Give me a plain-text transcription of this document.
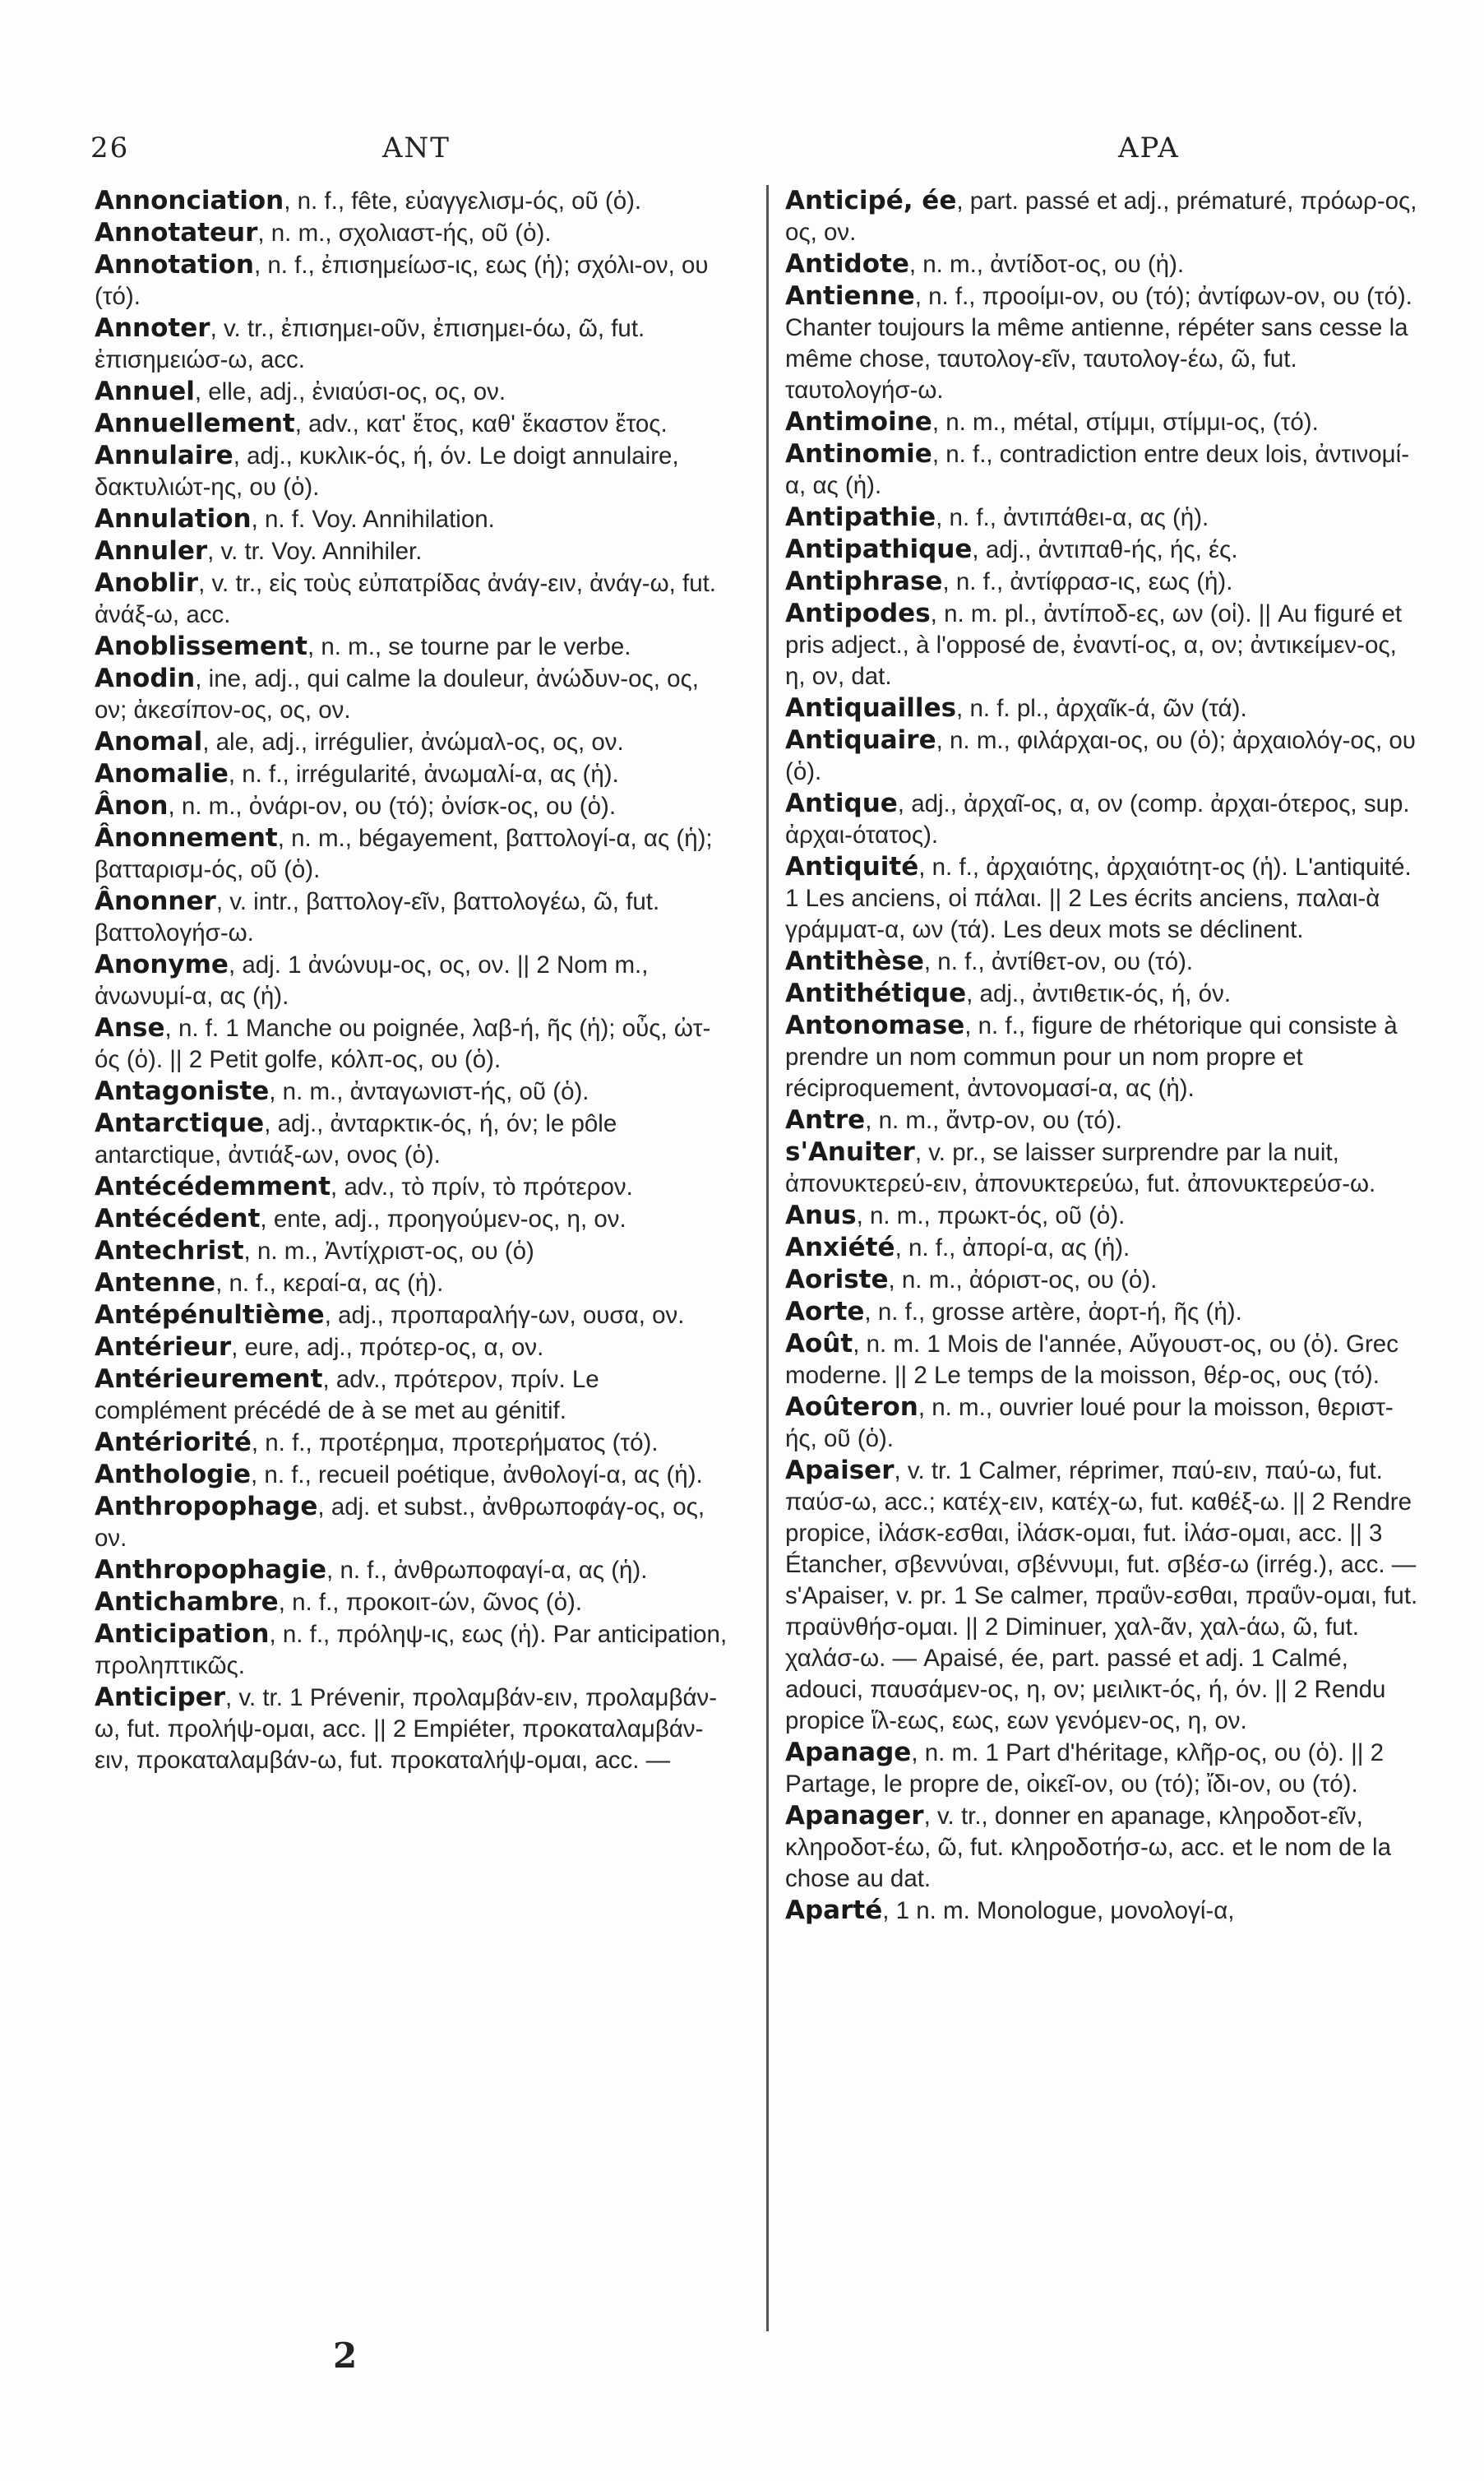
26	ANT	APA

Annonciation, n. f., fête, εὐαγγελισμ-ός, οῦ (ὁ).

Annotateur, n. m., σχολιαστ-ής, οῦ (ὁ).

Annotation, n. f., ἐπισημείωσ-ις, εως (ἡ); σχόλι-ον, ου (τό).

Annoter, v. tr., ἐπισημει-οῦν, ἐπισημει-όω, ῶ, fut. ἐπισημειώσ-ω, acc.

Annuel, elle, adj., ἐνιαύσι-ος, ος, ον.

Annuellement, adv., κατ' ἔτος, καθ' ἕκαστον ἔτος.

Annulaire, adj., κυκλικ-ός, ή, όν. Le doigt annulaire, δακτυλιώτ-ης, ου (ὁ).

Annulation, n. f. Voy. Annihilation.

Annuler, v. tr. Voy. Annihiler.

Anoblir, v. tr., εἰς τοὺς εὐπατρίδας ἀνάγ-ειν, ἀνάγ-ω, fut. ἀνάξ-ω, acc.

Anoblissement, n. m., se tourne par le verbe.

Anodin, ine, adj., qui calme la douleur, ἀνώδυν-ος, ος, ον; ἀκεσίπον-ος, ος, ον.

Anomal, ale, adj., irrégulier, ἀνώμαλ-ος, ος, ον.

Anomalie, n. f., irrégularité, ἀνωμαλί-α, ας (ἡ).

Ânon, n. m., ὀνάρι-ον, ου (τό); ὀνίσκ-ος, ου (ὁ).

Ânonnement, n. m., bégayement, βαττολογί-α, ας (ἡ); βατταρισμ-ός, οῦ (ὁ).

Ânonner, v. intr., βαττολογ-εῖν, βαττολογέω, ῶ, fut. βαττολογήσ-ω.

Anonyme, adj. 1 ἀνώνυμ-ος, ος, ον. || 2 Nom m., ἀνωνυμί-α, ας (ἡ).

Anse, n. f. 1 Manche ou poignée, λαβ-ή, ῆς (ἡ); οὖς, ὠτ-ός (ὁ). || 2 Petit golfe, κόλπ-ος, ου (ὁ).

Antagoniste, n. m., ἀνταγωνιστ-ής, οῦ (ὁ).

Antarctique, adj., ἀνταρκτικ-ός, ή, όν; le pôle antarctique, ἀντιάξ-ων, ονος (ὁ).

Antécédemment, adv., τὸ πρίν, τὸ πρότερον.

Antécédent, ente, adj., προηγούμεν-ος, η, ον.

Antechrist, n. m., Ἀντίχριστ-ος, ου (ὁ)

Antenne, n. f., κεραί-α, ας (ἡ).

Antépénultième, adj., προπαραλήγ-ων, ουσα, ον.

Antérieur, eure, adj., πρότερ-ος, α, ον.

Antérieurement, adv., πρότερον, πρίν. Le complément précédé de à se met au génitif.

Antériorité, n. f., προτέρημα, προτερήματος (τό).

Anthologie, n. f., recueil poétique, ἀνθολογί-α, ας (ἡ).

Anthropophage, adj. et subst., ἀνθρωποφάγ-ος, ος, ον.

Anthropophagie, n. f., ἀνθρωποφαγί-α, ας (ἡ).

Antichambre, n. f., προκοιτ-ών, ῶνος (ὁ).

Anticipation, n. f., πρόληψ-ις, εως (ἡ). Par anticipation, προληπτικῶς.

Anticiper, v. tr. 1 Prévenir, προλαμβάν-ειν, προλαμβάν-ω, fut. προλήψ-ομαι, acc. || 2 Empiéter, προκαταλαμβάν-ειν, προκαταλαμβάν-ω, fut. προκαταλήψ-ομαι, acc. —

Anticipé, ée, part. passé et adj., prématuré, πρόωρ-ος, ος, ον.

Antidote, n. m., ἀντίδοτ-ος, ου (ἡ).

Antienne, n. f., προοίμι-ον, ου (τό); ἀντίφων-ον, ου (τό). Chanter toujours la même antienne, répéter sans cesse la même chose, ταυτολογ-εῖν, ταυτολογ-έω, ῶ, fut. ταυτολογήσ-ω.

Antimoine, n. m., métal, στίμμι, στίμμι-ος, (τό).

Antinomie, n. f., contradiction entre deux lois, ἀντινομί-α, ας (ἡ).

Antipathie, n. f., ἀντιπάθει-α, ας (ἡ).

Antipathique, adj., ἀντιπαθ-ής, ής, ές.

Antiphrase, n. f., ἀντίφρασ-ις, εως (ἡ).

Antipodes, n. m. pl., ἀντίποδ-ες, ων (οἱ). || Au figuré et pris adject., à l'opposé de, ἐναντί-ος, α, ον; ἀντικείμεν-ος, η, ον, dat.

Antiquailles, n. f. pl., ἀρχαῖκ-ά, ῶν (τά).

Antiquaire, n. m., φιλάρχαι-ος, ου (ὁ); ἀρχαιολόγ-ος, ου (ὁ).

Antique, adj., ἀρχαῖ-ος, α, ον (comp. ἀρχαι-ότερος, sup. ἀρχαι-ότατος).

Antiquité, n. f., ἀρχαιότης, ἀρχαιότητ-ος (ἡ). L'antiquité. 1 Les anciens, οἱ πάλαι. || 2 Les écrits anciens, παλαι-ὰ γράμματ-α, ων (τά). Les deux mots se déclinent.

Antithèse, n. f., ἀντίθετ-ον, ου (τό).

Antithétique, adj., ἀντιθετικ-ός, ή, όν.

Antonomase, n. f., figure de rhétorique qui consiste à prendre un nom commun pour un nom propre et réciproquement, ἀντονομασί-α, ας (ἡ).

Antre, n. m., ἄντρ-ον, ου (τό).

s'Anuiter, v. pr., se laisser surprendre par la nuit, ἀπονυκτερεύ-ειν, ἀπονυκτερεύω, fut. ἀπονυκτερεύσ-ω.

Anus, n. m., πρωκτ-ός, οῦ (ὁ).

Anxiété, n. f., ἀπορί-α, ας (ἡ).

Aoriste, n. m., ἀόριστ-ος, ου (ὁ).

Aorte, n. f., grosse artère, ἀορτ-ή, ῆς (ἡ).

Août, n. m. 1 Mois de l'année, Αὔγουστ-ος, ου (ὁ). Grec moderne. || 2 Le temps de la moisson, θέρ-ος, ους (τό).

Aoûteron, n. m., ouvrier loué pour la moisson, θεριστ-ής, οῦ (ὁ).

Apaiser, v. tr. 1 Calmer, réprimer, παύ-ειν, παύ-ω, fut. παύσ-ω, acc.; κατέχ-ειν, κατέχ-ω, fut. καθέξ-ω. || 2 Rendre propice, ἱλάσκ-εσθαι, ἱλάσκ-ομαι, fut. ἱλάσ-ομαι, acc. || 3 Étancher, σβεννύναι, σβέννυμι, fut. σβέσ-ω (irrég.), acc. — s'Apaiser, v. pr. 1 Se calmer, πραΰν-εσθαι, πραΰν-ομαι, fut. πραϋνθήσ-ομαι. || 2 Diminuer, χαλ-ᾶν, χαλ-άω, ῶ, fut. χαλάσ-ω. — Apaisé, ée, part. passé et adj. 1 Calmé, adouci, παυσάμεν-ος, η, ον; μειλικτ-ός, ή, όν. || 2 Rendu propice ἵλ-εως, εως, εων γενόμεν-ος, η, ον.

Apanage, n. m. 1 Part d'héritage, κλῆρ-ος, ου (ὁ). || 2 Partage, le propre de, οἰκεῖ-ον, ου (τό); ἴδι-ον, ου (τό).

Apanager, v. tr., donner en apanage, κληροδοτ-εῖν, κληροδοτ-έω, ῶ, fut. κληροδοτήσ-ω, acc. et le nom de la chose au dat.

Aparté, 1 n. m. Monologue, μονολογί-α,

2
